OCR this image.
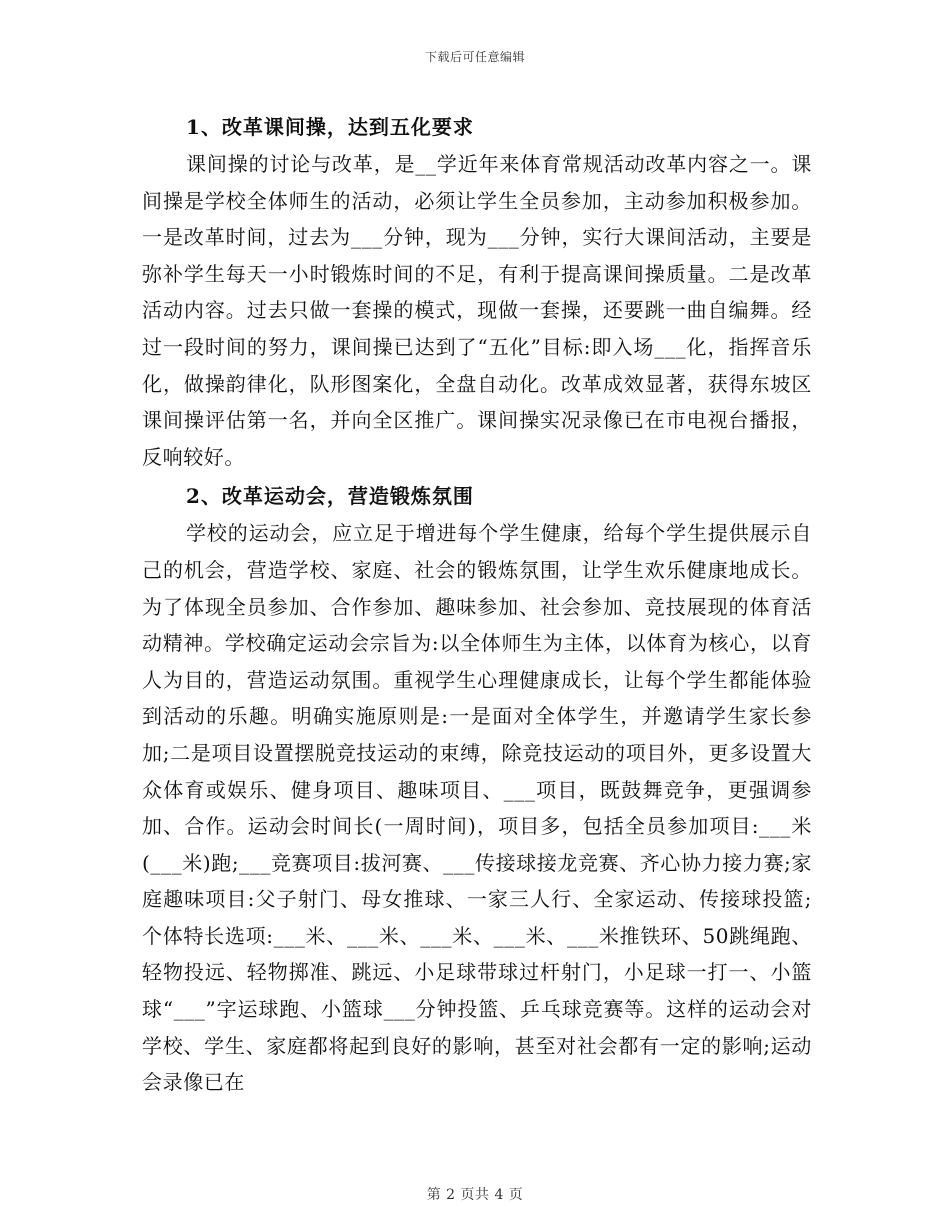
下载后可任意编辑

1、改革课间操，达到五化要求

课间操的讨论与改革，是__学近年来体育常规活动改革内容之一。课间操是学校全体师生的活动，必须让学生全员参加，主动参加积极参加。一是改革时间，过去为___分钟，现为___分钟，实行大课间活动，主要是弥补学生每天一小时锻炼时间的不足，有利于提高课间操质量。二是改革活动内容。过去只做一套操的模式，现做一套操，还要跳一曲自编舞。经过一段时间的努力，课间操已达到了“五化”目标:即入场___化，指挥音乐化，做操韵律化，队形图案化，全盘自动化。改革成效显著，获得东坡区课间操评估第一名，并向全区推广。课间操实况录像已在市电视台播报，反响较好。

2、改革运动会，营造锻炼氛围

学校的运动会，应立足于增进每个学生健康，给每个学生提供展示自己的机会，营造学校、家庭、社会的锻炼氛围，让学生欢乐健康地成长。为了体现全员参加、合作参加、趣味参加、社会参加、竞技展现的体育活动精神。学校确定运动会宗旨为:以全体师生为主体，以体育为核心，以育人为目的，营造运动氛围。重视学生心理健康成长，让每个学生都能体验到活动的乐趣。明确实施原则是:一是面对全体学生，并邀请学生家长参加;二是项目设置摆脱竞技运动的束缚，除竞技运动的项目外，更多设置大众体育或娱乐、健身项目、趣味项目、___项目，既鼓舞竞争，更强调参加、合作。运动会时间长(一周时间)，项目多，包括全员参加项目:___米(___米)跑;___竞赛项目:拔河赛、___传接球接龙竞赛、齐心协力接力赛;家庭趣味项目:父子射门、母女推球、一家三人行、全家运动、传接球投篮;个体特长选项:___米、___米、___米、___米、___米推铁环、50跳绳跑、轻物投远、轻物掷准、跳远、小足球带球过杆射门，小足球一打一、小篮球“___”字运球跑、小篮球___分钟投篮、乒乓球竞赛等。这样的运动会对学校、学生、家庭都将起到良好的影响，甚至对社会都有一定的影响;运动会录像已在

第 2 页共 4 页
